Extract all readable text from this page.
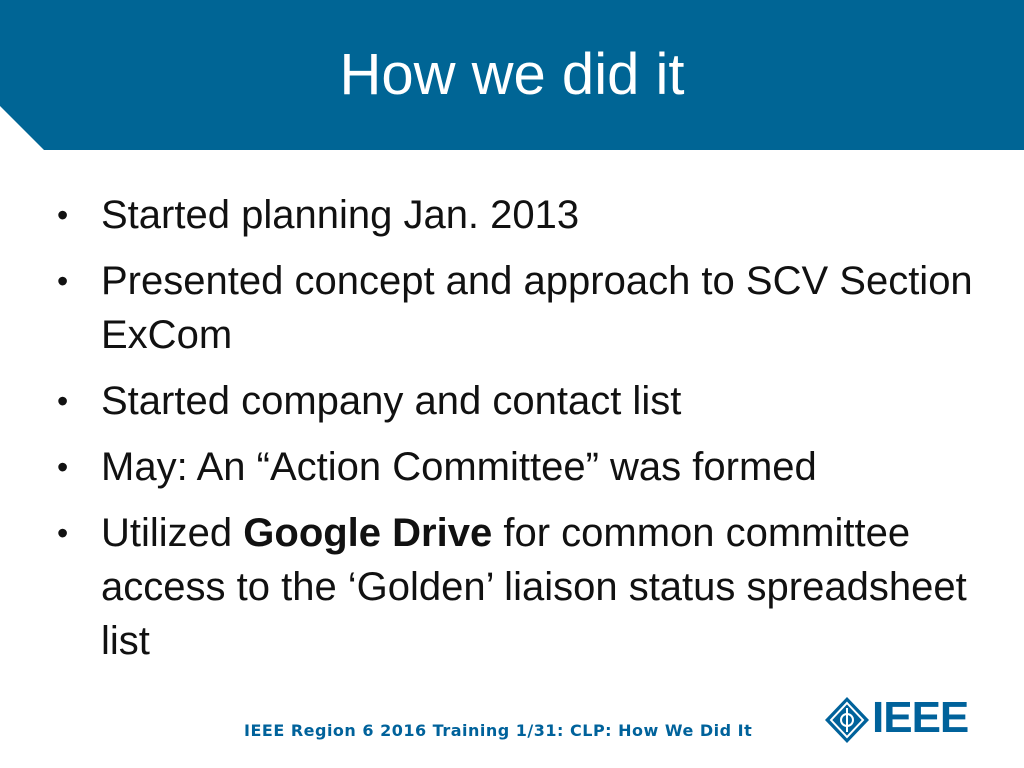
How we did it
• Started planning Jan. 2013
• Presented concept and approach to SCV Section ExCom
• Started company and contact list
• May: An “Action Committee” was formed
• Utilized Google Drive for common committee access to the ‘Golden’ liaison status spreadsheet list
IEEE Region 6 2016 Training 1/31: CLP: How We Did It	IEEE
